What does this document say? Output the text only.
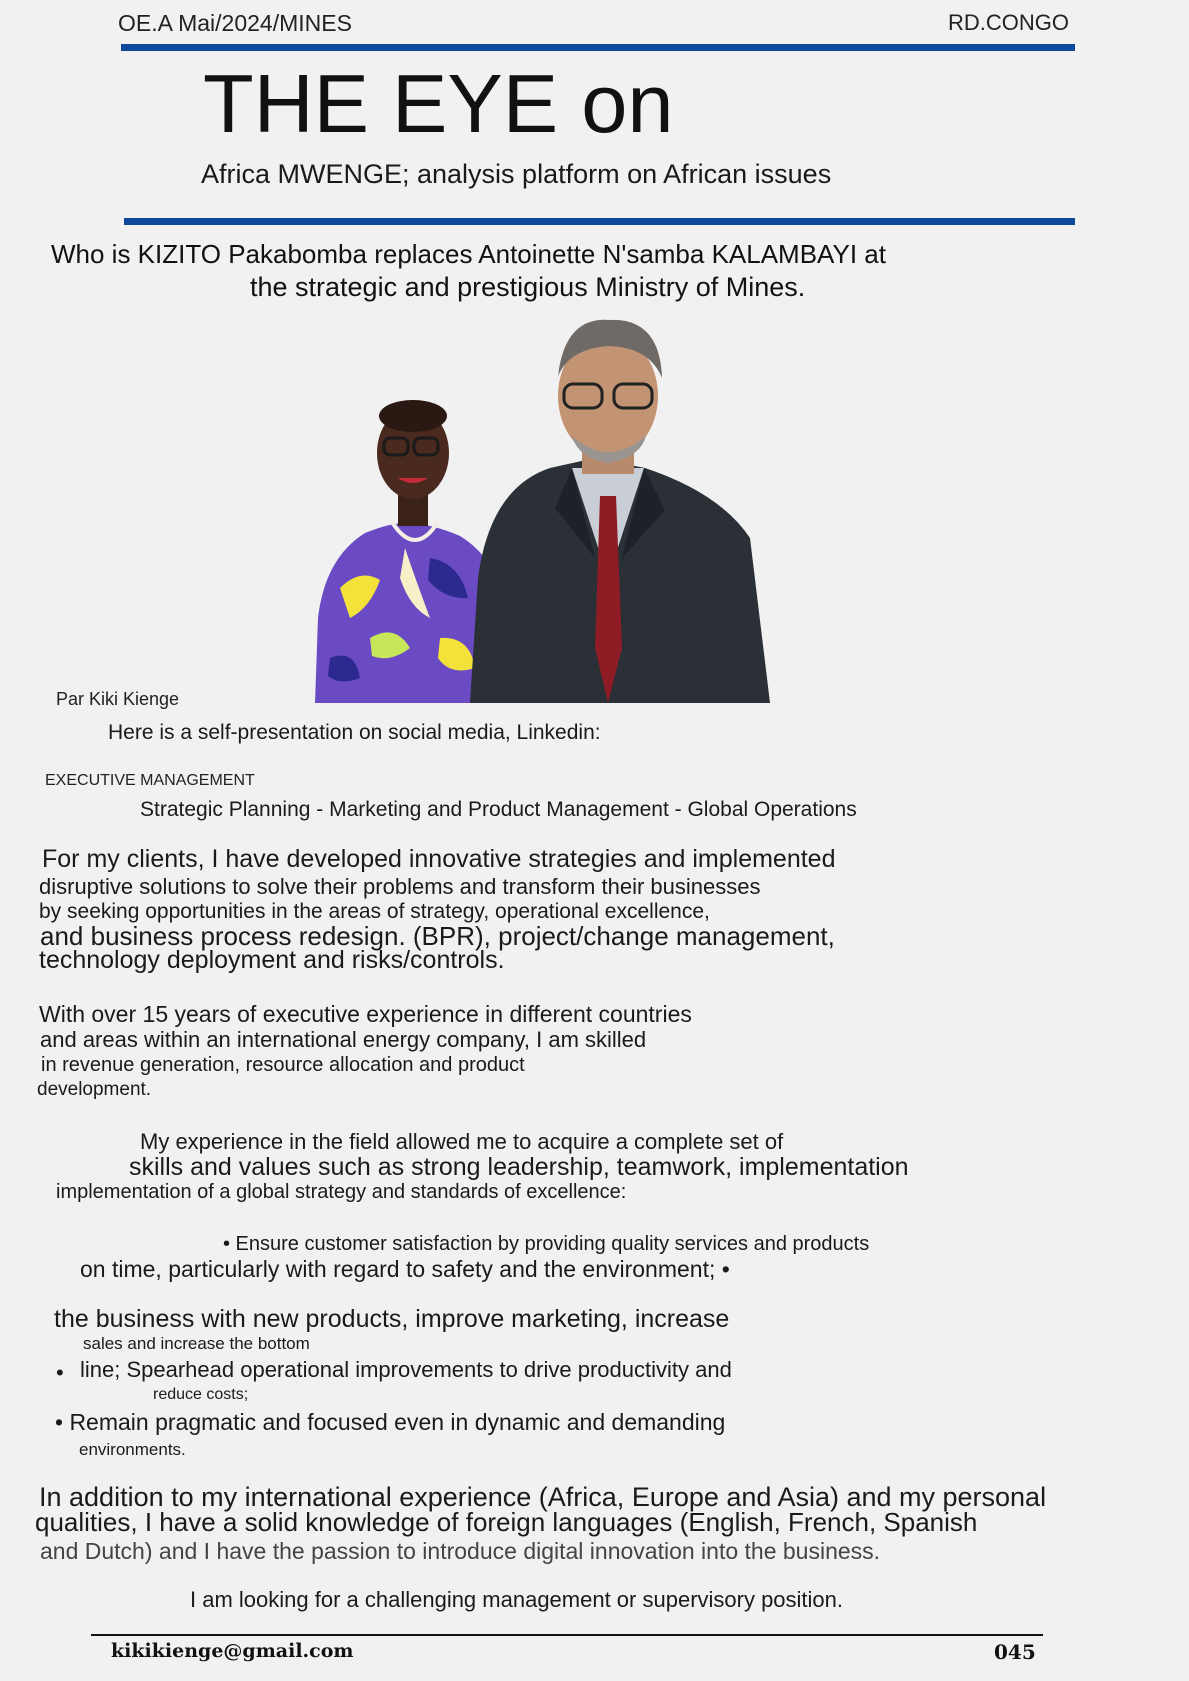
OE.A Mai/2024/MINES	RD.CONGO
THE EYE on
Africa MWENGE; analysis platform on African issues
Who is KIZITO Pakabomba replaces Antoinette N'samba KALAMBAYI at
the strategic and prestigious Ministry of Mines.
Par Kiki Kienge
Here is a self-presentation on social media, Linkedin:
EXECUTIVE MANAGEMENT
Strategic Planning - Marketing and Product Management - Global Operations
For my clients, I have developed innovative strategies and implemented
disruptive solutions to solve their problems and transform their businesses
by seeking opportunities in the areas of strategy, operational excellence,
and business process redesign. (BPR), project/change management,
technology deployment and risks/controls.
With over 15 years of executive experience in different countries
and areas within an international energy company, I am skilled
in revenue generation, resource allocation and product
development.
My experience in the field allowed me to acquire a complete set of
skills and values such as strong leadership, teamwork, implementation
implementation of a global strategy and standards of excellence:
• Ensure customer satisfaction by providing quality services and products
on time, particularly with regard to safety and the environment; •
the business with new products, improve marketing, increase
sales and increase the bottom
• line; Spearhead operational improvements to drive productivity and
reduce costs;
• Remain pragmatic and focused even in dynamic and demanding
environments.
In addition to my international experience (Africa, Europe and Asia) and my personal
qualities, I have a solid knowledge of foreign languages (English, French, Spanish
and Dutch) and I have the passion to introduce digital innovation into the business.
I am looking for a challenging management or supervisory position.
kikikienge@gmail.com	045
